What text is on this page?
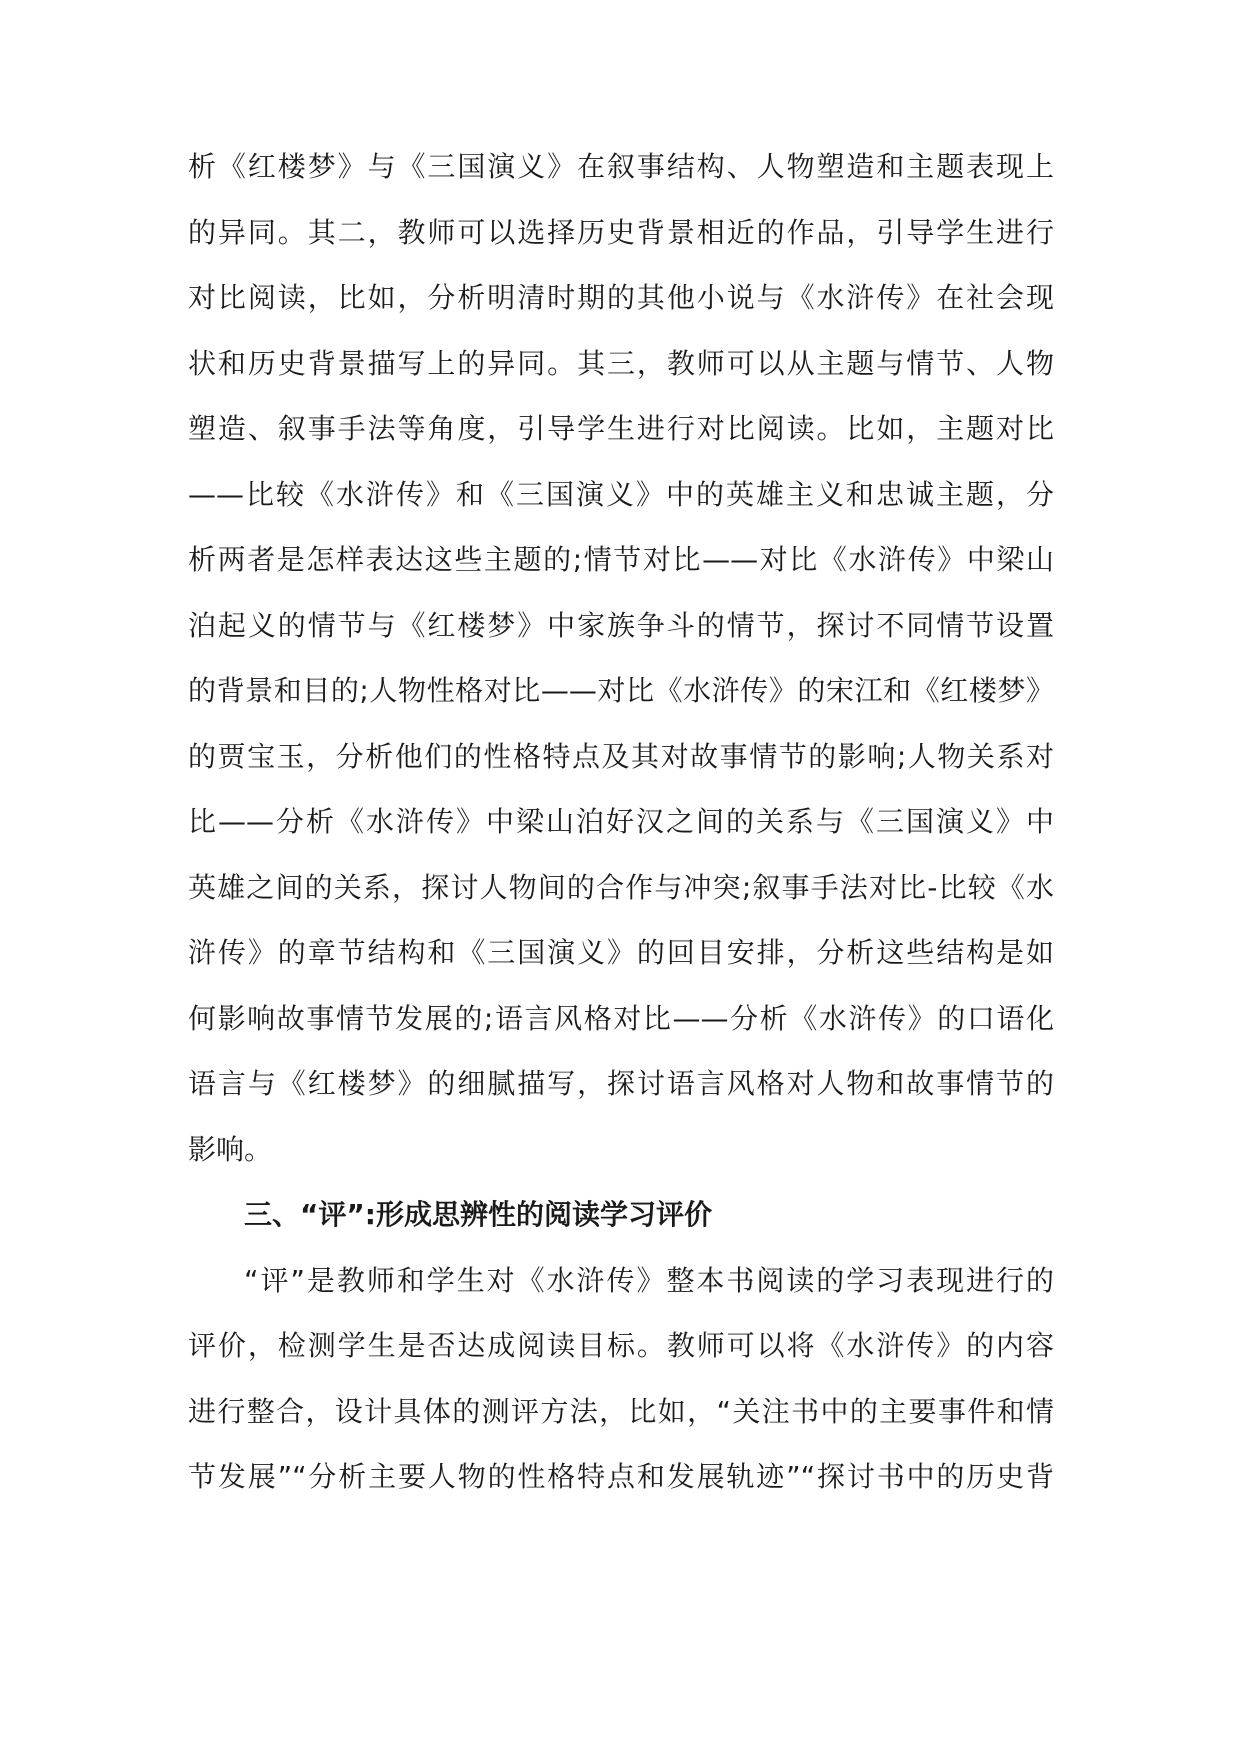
析《红楼梦》与《三国演义》在叙事结构、人物塑造和主题表现上
的异同。其二，教师可以选择历史背景相近的作品，引导学生进行
对比阅读，比如，分析明清时期的其他小说与《水浒传》在社会现
状和历史背景描写上的异同。其三，教师可以从主题与情节、人物
塑造、叙事手法等角度，引导学生进行对比阅读。比如，主题对比
——比较《水浒传》和《三国演义》中的英雄主义和忠诚主题，分
析两者是怎样表达这些主题的;情节对比——对比《水浒传》中梁山
泊起义的情节与《红楼梦》中家族争斗的情节，探讨不同情节设置
的背景和目的;人物性格对比——对比《水浒传》的宋江和《红楼梦》
的贾宝玉，分析他们的性格特点及其对故事情节的影响;人物关系对
比——分析《水浒传》中梁山泊好汉之间的关系与《三国演义》中
英雄之间的关系，探讨人物间的合作与冲突;叙事手法对比-比较《水
浒传》的章节结构和《三国演义》的回目安排，分析这些结构是如
何影响故事情节发展的;语言风格对比——分析《水浒传》的口语化
语言与《红楼梦》的细腻描写，探讨语言风格对人物和故事情节的
影响。
三、“评”:形成思辨性的阅读学习评价
“评”是教师和学生对《水浒传》整本书阅读的学习表现进行的
评价，检测学生是否达成阅读目标。教师可以将《水浒传》的内容
进行整合，设计具体的测评方法，比如，“关注书中的主要事件和情
节发展”“分析主要人物的性格特点和发展轨迹”“探讨书中的历史背
